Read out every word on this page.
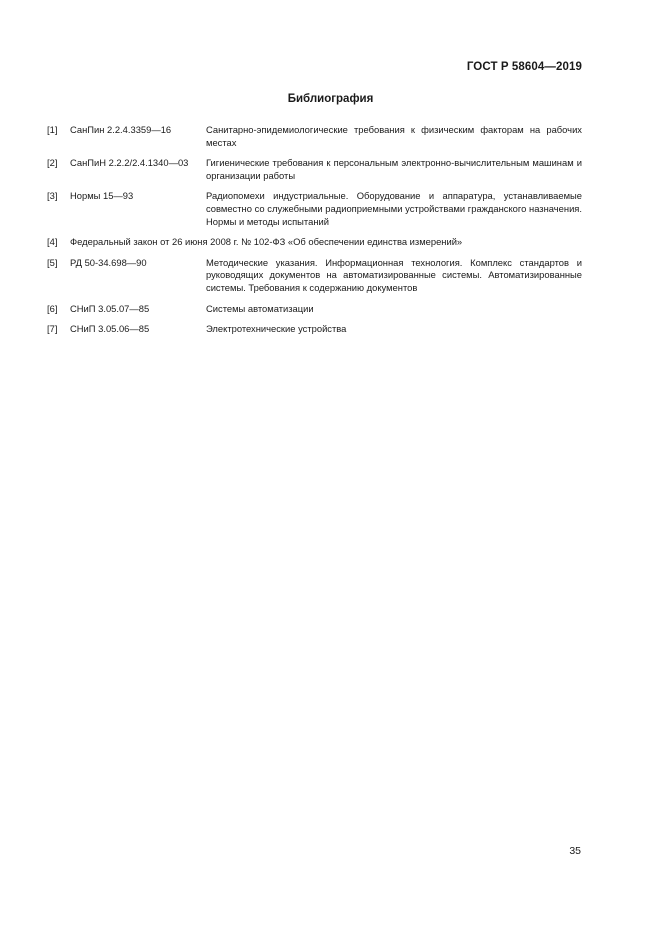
ГОСТ Р 58604—2019
Библиография
[1] СанПин 2.2.4.3359—16	Санитарно-эпидемиологические требования к физическим факторам на рабочих местах
[2] СанПиН 2.2.2/2.4.1340—03 Гигиенические требования к персональным электронно-вычислительным машинам и организации работы
[3] Нормы 15—93	Радиопомехи индустриальные. Оборудование и аппаратура, устанавливаемые совместно со служебными радиоприемными устройствами гражданского назначения. Нормы и методы испытаний
[4] Федеральный закон от 26 июня 2008 г. № 102-ФЗ «Об обеспечении единства измерений»
[5] РД 50-34.698—90	Методические указания. Информационная технология. Комплекс стандартов и руководящих документов на автоматизированные системы. Автоматизированные системы. Требования к содержанию документов
[6] СНиП 3.05.07—85	Системы автоматизации
[7] СНиП 3.05.06—85	Электротехнические устройства
35
